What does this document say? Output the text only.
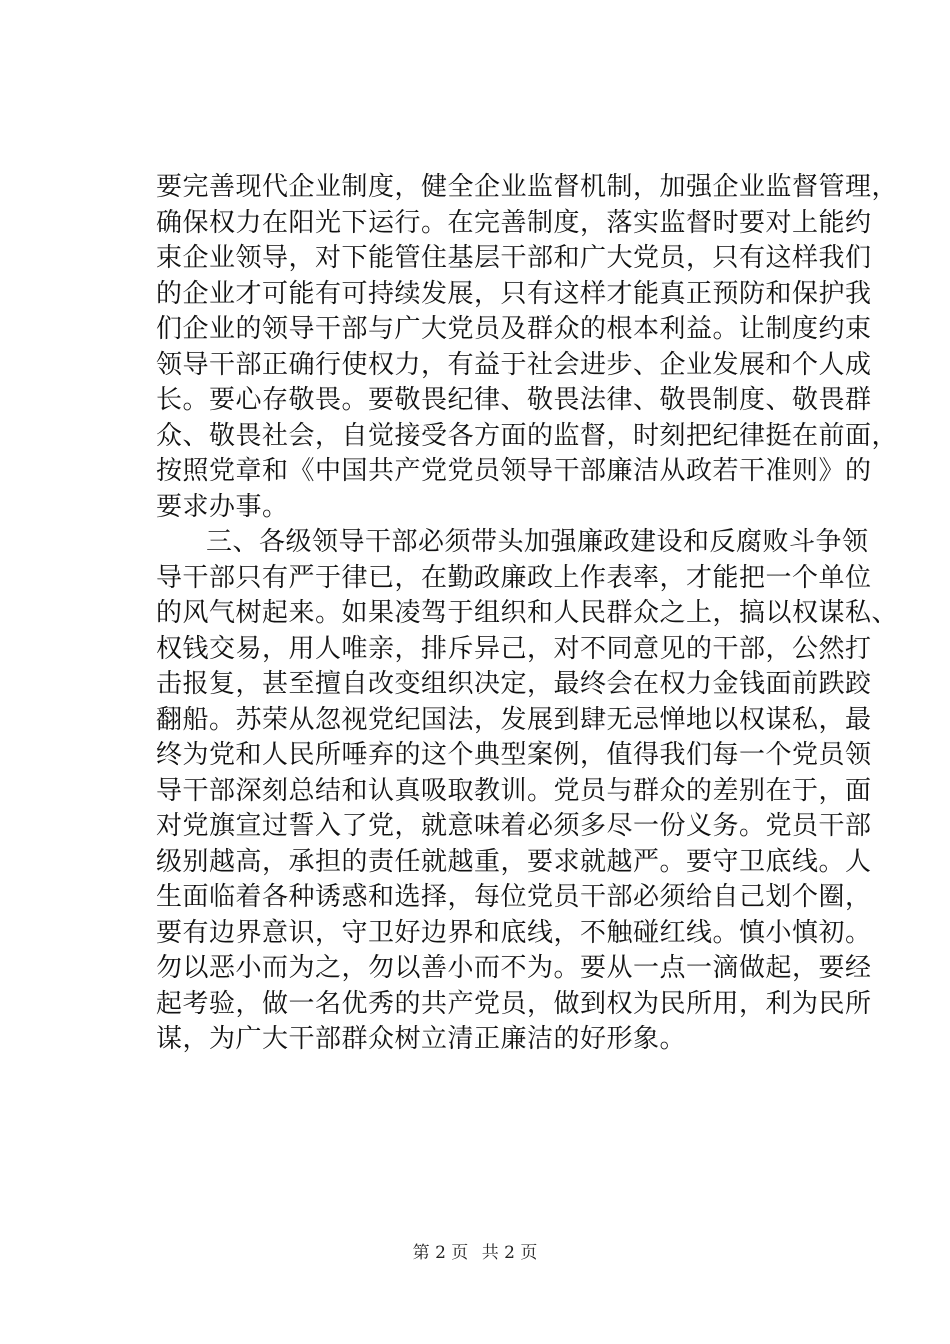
要完善现代企业制度，健全企业监督机制，加强企业监督管理，
确保权力在阳光下运行。在完善制度，落实监督时要对上能约
束企业领导，对下能管住基层干部和广大党员，只有这样我们
的企业才可能有可持续发展，只有这样才能真正预防和保护我
们企业的领导干部与广大党员及群众的根本利益。让制度约束
领导干部正确行使权力，有益于社会进步、企业发展和个人成
长。要心存敬畏。要敬畏纪律、敬畏法律、敬畏制度、敬畏群
众、敬畏社会，自觉接受各方面的监督，时刻把纪律挺在前面，
按照党章和《中国共产党党员领导干部廉洁从政若干准则》的
要求办事。
三、各级领导干部必须带头加强廉政建设和反腐败斗争领
导干部只有严于律已，在勤政廉政上作表率，才能把一个单位
的风气树起来。如果凌驾于组织和人民群众之上，搞以权谋私、
权钱交易，用人唯亲，排斥异己，对不同意见的干部，公然打
击报复，甚至擅自改变组织决定，最终会在权力金钱面前跌跤
翻船。苏荣从忽视党纪国法，发展到肆无忌惮地以权谋私，最
终为党和人民所唾弃的这个典型案例，值得我们每一个党员领
导干部深刻总结和认真吸取教训。党员与群众的差别在于，面
对党旗宣过誓入了党，就意味着必须多尽一份义务。党员干部
级别越高，承担的责任就越重，要求就越严。要守卫底线。人
生面临着各种诱惑和选择，每位党员干部必须给自己划个圈，
要有边界意识，守卫好边界和底线，不触碰红线。慎小慎初。
勿以恶小而为之，勿以善小而不为。要从一点一滴做起，要经
起考验，做一名优秀的共产党员，做到权为民所用，利为民所
谋，为广大干部群众树立清正廉洁的好形象。
第 2 页 共 2 页
